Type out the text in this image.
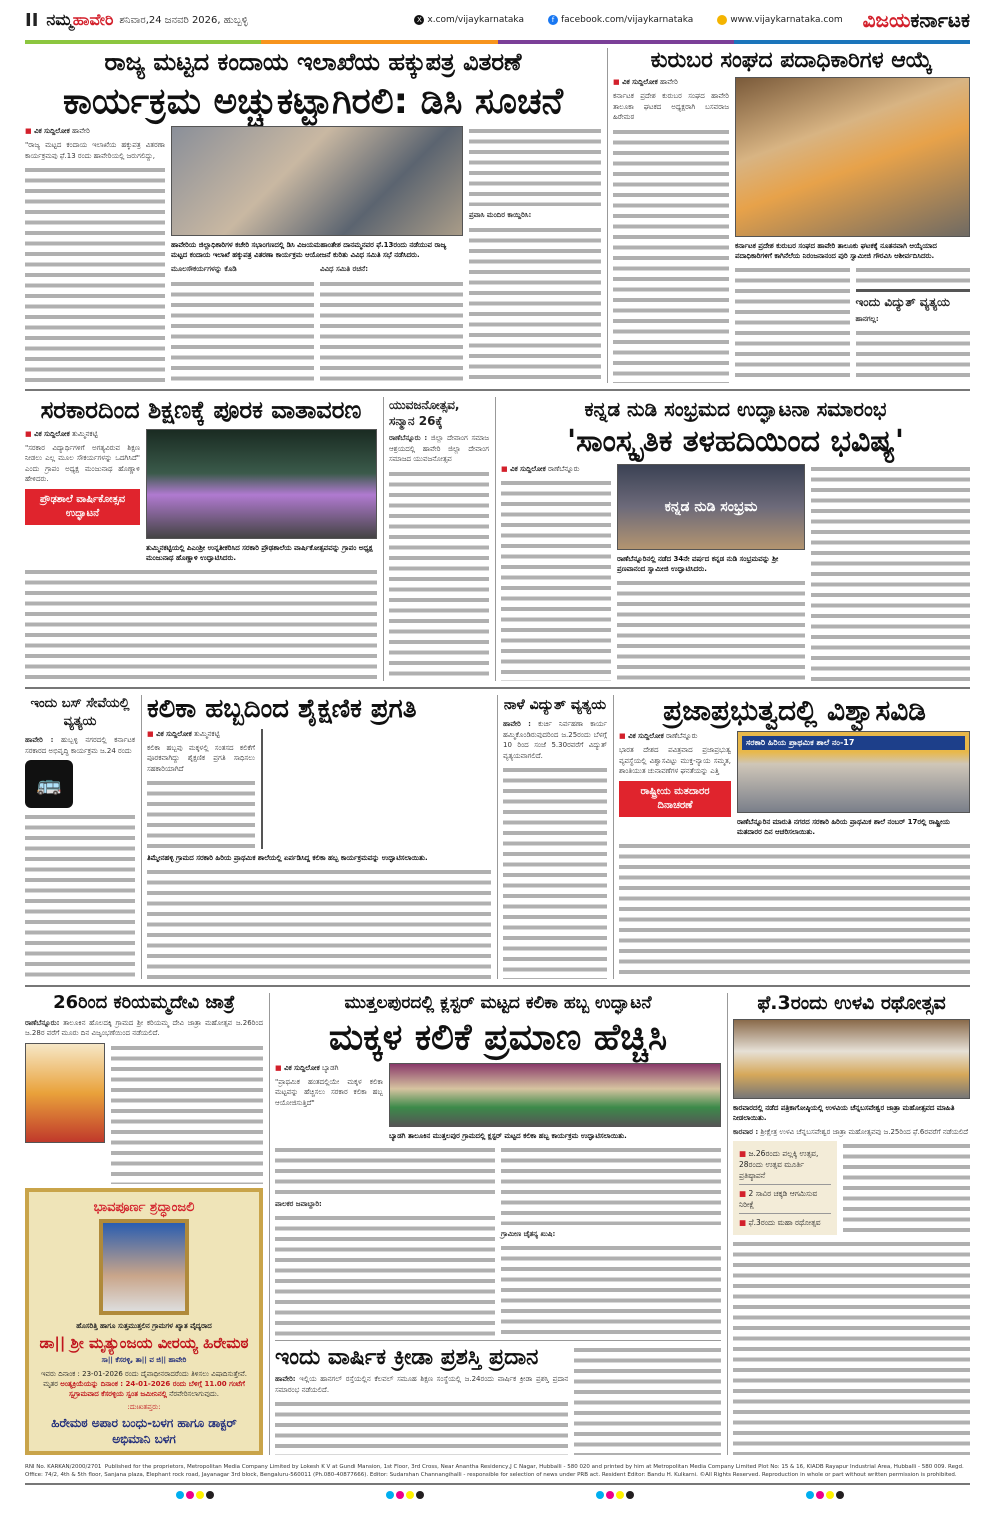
II ನಮ್ಮಹಾವೇರಿ ಶನಿವಾರ,24 ಜನವರಿ 2026, ಹುಬ್ಬಳ್ಳಿ	X x.com/vijaykarnataka	f facebook.com/vijaykarnataka	www.vijaykarnataka.com ವಿಜಯಕರ್ನಾಟಕ
ರಾಜ್ಯ ಮಟ್ಟದ ಕಂದಾಯ ಇಲಾಖೆಯ ಹಕ್ಕುಪತ್ರ ವಿತರಣೆ
ಕಾರ್ಯಕ್ರಮ ಅಚ್ಚುಕಟ್ಟಾಗಿರಲಿ: ಡಿಸಿ ಸೂಚನೆ
■ ವಿಕ ಸುದ್ದಿಲೋಕ ಹಾವೇರಿ

"ರಾಜ್ಯ ಮಟ್ಟದ ಕಂದಾಯ ಇಲಾಖೆಯ ಹಕ್ಕುಪತ್ರ ವಿತರಣಾ ಕಾರ್ಯಕ್ರಮವು ಫೆ.13 ರಂದು ಹಾವೇರಿಯಲ್ಲಿ ಜರುಗಲಿದ್ದು,

ಹಾವೇರಿಯ ಜಿಲ್ಲಾಧಿಕಾರಿಗಳ ಕಚೇರಿ ಸಭಾಂಗಣದಲ್ಲಿ ಡಿಸಿ ವಿಜಯಮಹಾಂತೇಶ ದಾನಮ್ಮನವರ ಫೆ.13ರಂದು ನಡೆಯುವ ರಾಜ್ಯ ಮಟ್ಟದ ಕಂದಾಯ ಇಲಾಖೆ ಹಕ್ಕುಪತ್ರ ವಿತರಣಾ ಕಾರ್ಯಕ್ರಮ ಆಯೋಜನೆ ಕುರಿತು ವಿವಿಧ ಸಮಿತಿ ಸಭೆ ನಡೆಸಿದರು.

ಮೂಲಸೌಕರ್ಯಗಳನ್ನು ಕೊಡಿ	ವಿವಿಧ ಸಮಿತಿ ರಚನೆ:

ಪ್ರವಾಸಿ ಮಂದಿರ ಕಾಯ್ದಿರಿಸಿ:

ಕುರುಬರ ಸಂಘದ ಪದಾಧಿಕಾರಿಗಳ ಆಯ್ಕೆ
■ ವಿಕ ಸುದ್ದಿಲೋಕ ಹಾವೇರಿ

ಕರ್ನಾಟಕ ಪ್ರದೇಶ ಕುರುಬರ ಸಂಘದ ಹಾವೇರಿ ತಾಲೂಕಾ ಘಟಕದ ಅಧ್ಯಕ್ಷರಾಗಿ ಬಸವರಾಜ ಹಿರೇಮಠ

ಕರ್ನಾಟಕ ಪ್ರದೇಶ ಕುರುಬರ ಸಂಘದ ಹಾವೇರಿ ತಾಲೂಕು ಘಟಕಕ್ಕೆ ನೂತನವಾಗಿ ಆಯ್ಕೆಯಾದ ಪದಾಧಿಕಾರಿಗಳಿಗೆ ಕಾಗಿನೆಲೆಯ ನಿರಂಜನಾನಂದ ಪುರಿ ಸ್ವಾಮೀಜಿ ಗೌರವಿಸಿ ಆಶೀರ್ವದಿಸಿದರು.
ಇಂದು ವಿದ್ಯುತ್ ವ್ಯತ್ಯಯ

ಹಾನಗಲ್ಲ:

ಸರಕಾರದಿಂದ ಶಿಕ್ಷಣಕ್ಕೆ ಪೂರಕ ವಾತಾವರಣ
■ ವಿಕ ಸುದ್ದಿಲೋಕ ತುಮ್ಮಿನಕಟ್ಟಿ

"ಸರಕಾರ ವಿದ್ಯಾರ್ಥಿಗಳಿಗೆ ಅಗತ್ಯವಿರುವ ಶಿಕ್ಷಣ ನೀಡಲು ಎಲ್ಲ ಮೂಲ ಸೌಕರ್ಯಗಳನ್ನು ಒದಗಿಸಿದೆ" ಎಂದು ಗ್ರಾಪಂ ಅಧ್ಯಕ್ಷ ಮಂಜುನಾಥ ಹೊಣ್ಣಾಳಿ ಹೇಳಿದರು.

ಪ್ರೌಢಶಾಲೆ ವಾರ್ಷಿಕೋತ್ಸವ ಉದ್ಘಾಟನೆ
ತುಮ್ಮಿನಕಟ್ಟಿಯಲ್ಲಿ ಪಿಎಂಶ್ರೀ ಉನ್ನತೀಕರಿಸಿದ ಸರಕಾರಿ ಪ್ರೌಢಶಾಲೆಯ ವಾರ್ಷಿಕೋತ್ಸವವನ್ನು ಗ್ರಾಪಂ ಅಧ್ಯಕ್ಷ ಮಂಜುನಾಥ ಹೊಣ್ಣಾಳಿ ಉದ್ಘಾಟಿಸಿದರು.
ಯುವಜನೋತ್ಸವ, ಸನ್ಮಾನ 26ಕ್ಕೆ

ರಾಣೆಬೆನ್ನೂರು : ಜಿಲ್ಲಾ ದೇವಾಂಗ ಸಮಾಜ ಆಶ್ರಯದಲ್ಲಿ ಹಾವೇರಿ ಜಿಲ್ಲಾ ದೇವಾಂಗ ಸಮಾಜದ ಯುವಜನೋತ್ಸವ

ಕನ್ನಡ ನುಡಿ ಸಂಭ್ರಮದ ಉದ್ಘಾಟನಾ ಸಮಾರಂಭ
'ಸಾಂಸ್ಕೃತಿಕ ತಳಹದಿಯಿಂದ ಭವಿಷ್ಯ'
■ ವಿಕ ಸುದ್ದಿಲೋಕ ರಾಣೆಬೆನ್ನೂರು
ಕನ್ನಡ ನುಡಿ ಸಂಭ್ರಮ
ರಾಣೆಬೆನ್ನೂರಿನಲ್ಲಿ ನಡೆದ 34ನೇ ವರ್ಷದ ಕನ್ನಡ ನುಡಿ ಸಂಭ್ರಮವನ್ನು ಶ್ರೀ ಪ್ರಣವಾನಂದ ಸ್ವಾಮೀಜಿ ಉದ್ಘಾಟಿಸಿದರು.
ಇಂದು ಬಸ್ ಸೇವೆಯಲ್ಲಿ ವ್ಯತ್ಯಯ

ಹಾವೇರಿ : ಹುಬ್ಬಳ್ಳಿ ನಗರದಲ್ಲಿ ಕರ್ನಾಟಕ ಸರಕಾರದ ಅಭಿವೃದ್ಧಿ ಕಾರ್ಯಕ್ರಮ ಜ.24 ರಂದು

🚌
ಕಲಿಕಾ ಹಬ್ಬದಿಂದ ಶೈಕ್ಷಣಿಕ ಪ್ರಗತಿ
■ ವಿಕ ಸುದ್ದಿಲೋಕ ತುಮ್ಮಿನಕಟ್ಟಿ

ಕಲಿಕಾ ಹಬ್ಬವು ಮಕ್ಕಳಲ್ಲಿ ಸಂತಸದ ಕಲಿಕೆಗೆ ಪೂರಕವಾಗಿದ್ದು ಶೈಕ್ಷಣಿಕ ಪ್ರಗತಿ ಸಾಧಿಸಲು ಸಹಕಾರಿಯಾಗಿದೆ

ತಿಮ್ಮೇನಹಳ್ಳಿ ಗ್ರಾಮದ ಸರಕಾರಿ ಹಿರಿಯ ಪ್ರಾಥಮಿಕ ಶಾಲೆಯಲ್ಲಿ ಏರ್ಪಡಿಸಿದ್ದ ಕಲಿಕಾ ಹಬ್ಬ ಕಾರ್ಯಕ್ರಮವನ್ನು ಉದ್ಘಾಟಿಸಲಾಯಿತು.
ನಾಳೆ ವಿದ್ಯುತ್ ವ್ಯತ್ಯಯ

ಹಾವೇರಿ : ಕುರ್ಚಿ ನಿರ್ವಹಣಾ ಕಾರ್ಯ ಹಮ್ಮಿಕೊಂಡಿರುವುದರಿಂದ ಜ.25ರಂದು ಬೆಳಗ್ಗೆ 10 ರಿಂದ ಸಂಜೆ 5.30ರವರೆಗೆ ವಿದ್ಯುತ್ ವ್ಯತ್ಯಯವಾಗಲಿದೆ.

ಪ್ರಜಾಪ್ರಭುತ್ವದಲ್ಲಿ ವಿಶ್ವಾಸವಿಡಿ
■ ವಿಕ ಸುದ್ದಿಲೋಕ ರಾಣೆಬೆನ್ನೂರು

ಭಾರತ ದೇಶದ ಪವಿತ್ರವಾದ ಪ್ರಜಾಪ್ರಭುತ್ವ ವ್ಯವಸ್ಥೆಯಲ್ಲಿ ವಿಶ್ವಾಸವಿಟ್ಟು ಮುಕ್ತ-ನ್ಯಾಯ ಸಮ್ಮತ, ಶಾಂತಿಯುತ ಚುನಾವಣೆಗಳ ಘನತೆಯನ್ನು ಎತ್ತಿ

ರಾಷ್ಟ್ರೀಯ ಮತದಾರರ ದಿನಾಚರಣೆ
ಸರಕಾರಿ ಹಿರಿಯ ಪ್ರಾಥಮಿಕ ಶಾಲೆ ನಂ-17
ರಾಣೆಬೆನ್ನೂರಿನ ಮಾರುತಿ ನಗರದ ಸರಕಾರಿ ಹಿರಿಯ ಪ್ರಾಥಮಿಕ ಶಾಲೆ ನಂಬರ್ 17ರಲ್ಲಿ ರಾಷ್ಟ್ರೀಯ ಮತದಾರರ ದಿನ ಆಚರಿಸಲಾಯಿತು.
26ರಿಂದ ಕರಿಯಮ್ಮದೇವಿ ಜಾತ್ರೆ

ರಾಣೆಬೆನ್ನೂರು: ತಾಲೂಕಿನ ಹೊಲದಕ್ಕಿ ಗ್ರಾಮದ ಶ್ರೀ ಕರಿಯಮ್ಮ ದೇವಿ ಜಾತ್ರಾ ಮಹೋತ್ಸವ ಜ.26ರಿಂದ ಜ.28ರ ವರೆಗೆ ಮೂರು ದಿನ ವಿಜೃಂಭಣೆಯಿಂದ ನಡೆಯಲಿದೆ.

ಭಾವಪೂರ್ಣ ಶ್ರದ್ಧಾಂಜಲಿ
ಹೊಸರಿತ್ತಿ ಹಾಗೂ ಸುತ್ತಮುತ್ತಲಿನ ಗ್ರಾಮಗಳ ಖ್ಯಾತ ವೈದ್ಯರಾದ
ಡಾ|| ಶ್ರೀ ಮೃತ್ಯುಂಜಯ ವೀರಯ್ಯ ಹಿರೇಮಠ
ಸಾ|| ಕೆಸರಳ್ಳಿ, ತಾ|| ವ ಜಿ|| ಹಾವೇರಿ
ಇವರು ದಿನಾಂಕ : 23-01-2026 ರಂದು ದೈವಾಧೀನರಾದರೆಂದು ತಿಳಿಸಲು ವಿಷಾದಿಸುತ್ತೇವೆ. ಮೃತರ ಅಂತ್ಯಕ್ರಿಯೆಯನ್ನು ದಿನಾಂಕ : 24-01-2026 ರಂದು ಬೆಳಿಗ್ಗೆ 11.00 ಗಂಟೆಗೆ ಸ್ವಗ್ರಾಮವಾದ ಕೆಸರಳ್ಳಿಯ ಸ್ವಂತ ಜಮೀನಿನಲ್ಲಿ ನೆರವೇರಿಸಲಾಗುವುದು.
:ದುಃಖತಪ್ತರು:
ಹಿರೇಮಠ ಅಪಾರ ಬಂಧು-ಬಳಗ ಹಾಗೂ ಡಾಕ್ಟರ್ ಅಭಿಮಾನಿ ಬಳಗ
ಮುತ್ತಲಪುರದಲ್ಲಿ ಕ್ಲಸ್ಟರ್ ಮಟ್ಟದ ಕಲಿಕಾ ಹಬ್ಬ ಉದ್ಘಾಟನೆ
ಮಕ್ಕಳ ಕಲಿಕೆ ಪ್ರಮಾಣ ಹೆಚ್ಚಿಸಿ
■ ವಿಕ ಸುದ್ದಿಲೋಕ ಬ್ಯಾಡಗಿ

"ಪ್ರಾಥಮಿಕ ಹಂತದಲ್ಲಿಯೇ ಮಕ್ಕಳ ಕಲಿಕಾ ಮಟ್ಟವನ್ನು ಹೆಚ್ಚಿಸಲು ಸರಕಾರ ಕಲಿಕಾ ಹಬ್ಬ ಆಯೋಜಿಸುತ್ತಿದೆ"

ಬ್ಯಾಡಗಿ ತಾಲೂಕಿನ ಮುತ್ತಲಪುರ ಗ್ರಾಮದಲ್ಲಿ ಕ್ಲಸ್ಟರ್ ಮಟ್ಟದ ಕಲಿಕಾ ಹಬ್ಬ ಕಾರ್ಯಕ್ರಮ ಉದ್ಘಾಟಿಸಲಾಯಿತು.

ಪಾಲಕರ ಜವಾಬ್ದಾರಿ:

ಗ್ರಾಮೀಣ ಚೈತನ್ಯ ಖುಷಿ:

ಇಂದು ವಾರ್ಷಿಕ ಕ್ರೀಡಾ ಪ್ರಶಸ್ತಿ ಪ್ರದಾನ

ಹಾವೇರಿ: ಇಲ್ಲಿಯ ಹಾನಗಲ್ ರಸ್ತೆಯಲ್ಲಿನ ಕೆಲವಲ್ ಸಮೂಹ ಶಿಕ್ಷಣ ಸಂಸ್ಥೆಯಲ್ಲಿ ಜ.24ರಂದು ವಾರ್ಷಿಕ ಕ್ರೀಡಾ ಪ್ರಶಸ್ತಿ ಪ್ರದಾನ ಸಮಾರಂಭ ನಡೆಯಲಿದೆ.

ಫೆ.3ರಂದು ಉಳವಿ ರಥೋತ್ಸವ
ಕಾರವಾರದಲ್ಲಿ ನಡೆದ ಪತ್ರಿಕಾಗೋಷ್ಠಿಯಲ್ಲಿ ಉಳವಿಯ ಚೆನ್ನಬಸವೇಶ್ವರ ಜಾತ್ರಾ ಮಹೋತ್ಸವದ ಮಾಹಿತಿ ನೀಡಲಾಯಿತು.

ಕಾರವಾರ : ಶ್ರೀಕ್ಷೇತ್ರ ಉಳವಿ ಚೆನ್ನಬಸವೇಶ್ವರ ಜಾತ್ರಾ ಮಹೋತ್ಸವವು ಜ.25ರಿಂದ ಫೆ.6ರವರೆಗೆ ನಡೆಯಲಿದೆ

■ ಜ.26ರಂದು ಪಲ್ಲಕ್ಕಿ ಉತ್ಸವ, 28ರಂದು ಉತ್ಸವ ಮೂರ್ತಿ ಪ್ರತಿಷ್ಠಾಪನೆ
■ 2 ಸಾವಿರ ಚಕ್ಕಡಿ ಆಗಮಿಸುವ ನಿರೀಕ್ಷೆ
■ ಫೆ.3ರಂದು ಮಹಾ ರಥೋತ್ಸವ
RNI No. KARKAN/2000/2701 Published for the proprietors, Metropolitan Media Company Limited by Lokesh K V at Gundi Mansion, 1st Floor, 3rd Cross, Near Anantha Residency,J C Nagar, Hubballi - 580 020 and printed by him at Metropolitan Media Company Limited Plot No: 15 & 16, KIADB Rayapur Industrial Area, Hubballi - 580 009. Regd. Office: 74/2, 4th & 5th floor, Sanjana plaza, Elephant rock road, Jayanagar 3rd block, Bengaluru-560011 (Ph.080-40877666). Editor: Sudarshan Channangihalli - responsible for selection of news under PRB act. Resident Editor: Bandu H. Kulkarni. ©All Rights Reserved. Reproduction in whole or part without written permission is prohibited.
